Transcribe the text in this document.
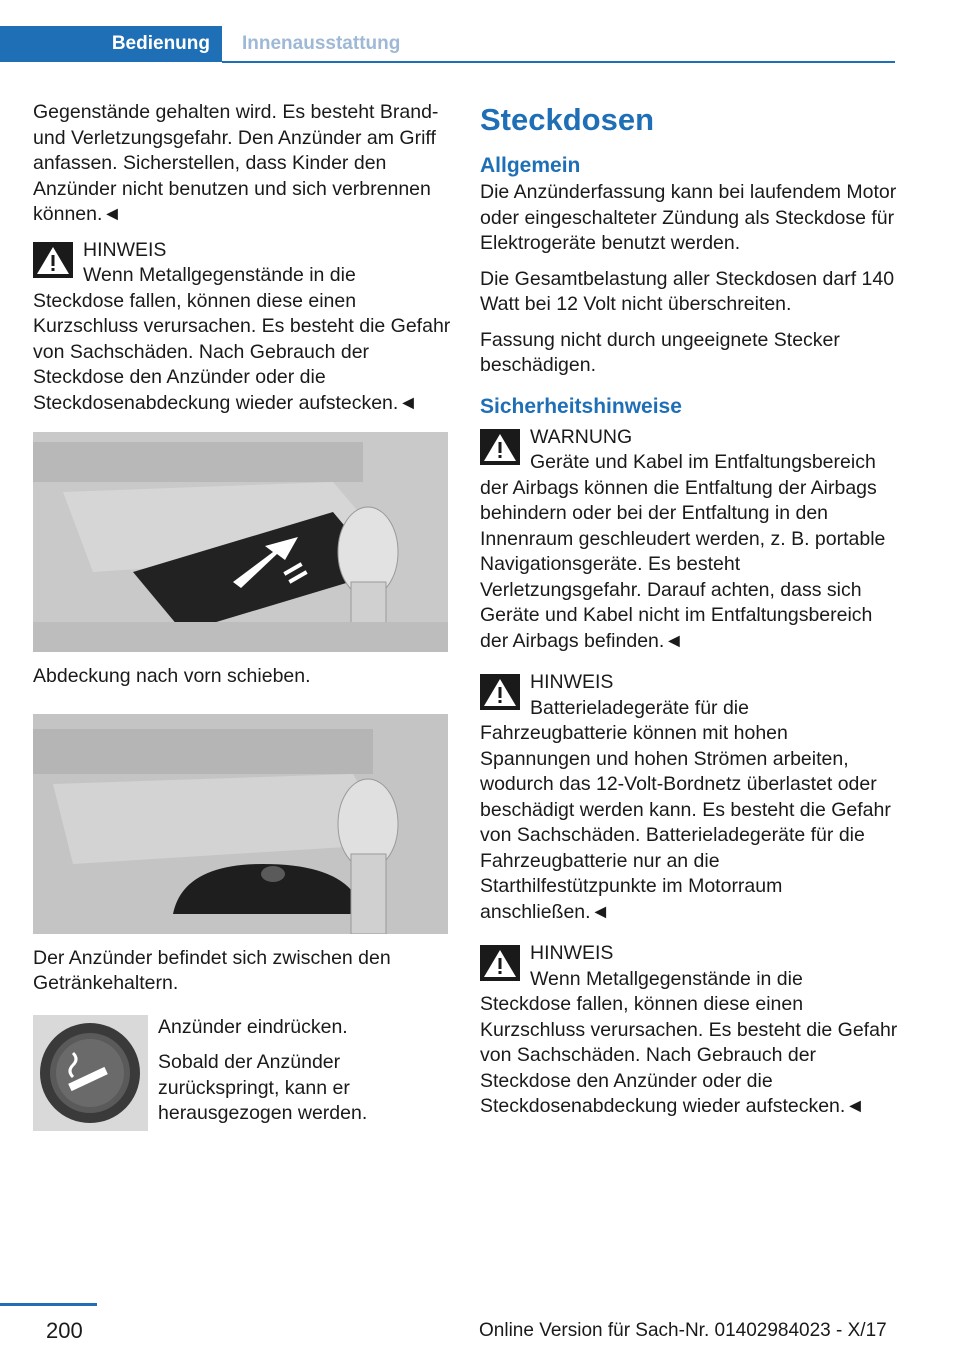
Bedienung	Innenausstattung

Gegenstände gehalten wird. Es besteht Brand- und Verletzungsgefahr. Den Anzünder am Griff anfassen. Sicherstellen, dass Kinder den Anzünder nicht benutzen und sich verbrennen können.◄

HINWEIS
Wenn Metallgegenstände in die Steckdose fallen, können diese einen Kurzschluss verursachen. Es besteht die Gefahr von Sachschäden. Nach Gebrauch der Steckdose den Anzünder oder die Steckdosenabdeckung wieder aufstecken.◄

Abdeckung nach vorn schieben.

Der Anzünder befindet sich zwischen den Getränkehaltern.

Anzünder eindrücken.

Sobald der Anzünder zurückspringt, kann er herausgezogen werden.

Steckdosen
Allgemein

Die Anzünderfassung kann bei laufendem Motor oder eingeschalteter Zündung als Steckdose für Elektrogeräte benutzt werden.

Die Gesamtbelastung aller Steckdosen darf 140 Watt bei 12 Volt nicht überschreiten.

Fassung nicht durch ungeeignete Stecker beschädigen.

Sicherheitshinweise
WARNUNG
Geräte und Kabel im Entfaltungsbereich der Airbags können die Entfaltung der Airbags behindern oder bei der Entfaltung in den Innenraum geschleudert werden, z. B. portable Navigationsgeräte. Es besteht Verletzungsgefahr. Darauf achten, dass sich Geräte und Kabel nicht im Entfaltungsbereich der Airbags befinden.◄
HINWEIS
Batterieladegeräte für die Fahrzeugbatterie können mit hohen Spannungen und hohen Strömen arbeiten, wodurch das 12-Volt-Bordnetz überlastet oder beschädigt werden kann. Es besteht die Gefahr von Sachschäden. Batterieladegeräte für die Fahrzeugbatterie nur an die Starthilfestützpunkte im Motorraum anschließen.◄
HINWEIS
Wenn Metallgegenstände in die Steckdose fallen, können diese einen Kurzschluss verursachen. Es besteht die Gefahr von Sachschäden. Nach Gebrauch der Steckdose den Anzünder oder die Steckdosenabdeckung wieder aufstecken.◄
200	Online Version für Sach-Nr. 01402984023 - X/17
